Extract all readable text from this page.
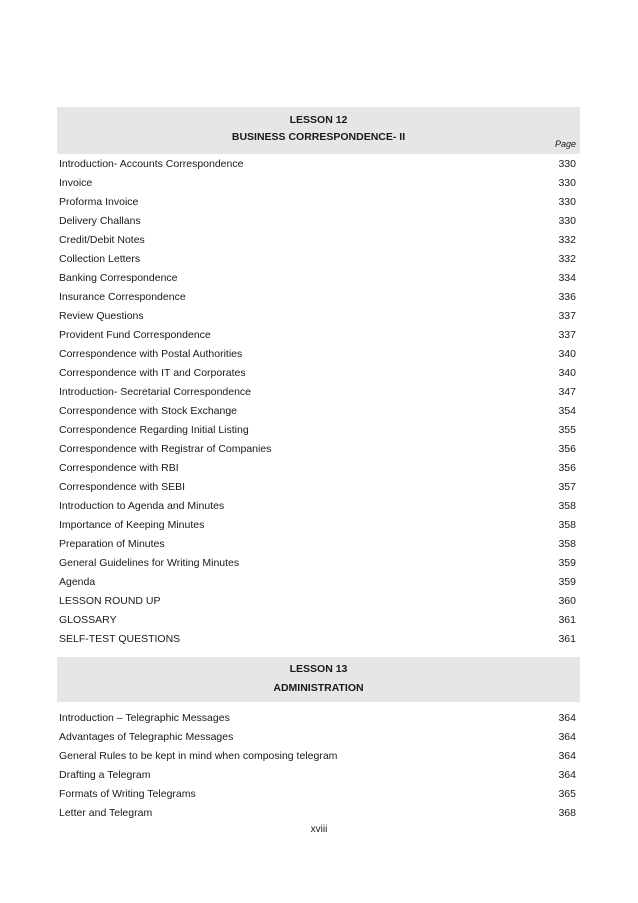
LESSON 12
BUSINESS CORRESPONDENCE- II
Page
Introduction- Accounts Correspondence	330
Invoice	330
Proforma Invoice	330
Delivery Challans	330
Credit/Debit Notes	332
Collection Letters	332
Banking Correspondence	334
Insurance Correspondence	336
Review Questions	337
Provident Fund Correspondence	337
Correspondence with Postal Authorities	340
Correspondence with IT and Corporates	340
Introduction- Secretarial Correspondence	347
Correspondence with Stock Exchange	354
Correspondence Regarding Initial Listing	355
Correspondence with Registrar of Companies	356
Correspondence with RBI	356
Correspondence with SEBI	357
Introduction to Agenda and Minutes	358
Importance of Keeping Minutes	358
Preparation of Minutes	358
General Guidelines for Writing Minutes	359
Agenda	359
LESSON ROUND UP	360
GLOSSARY	361
SELF-TEST QUESTIONS	361
LESSON 13
ADMINISTRATION
Introduction – Telegraphic Messages	364
Advantages of Telegraphic Messages	364
General Rules to be kept in mind when composing telegram	364
Drafting a Telegram	364
Formats of Writing Telegrams	365
Letter and Telegram	368
xviii
